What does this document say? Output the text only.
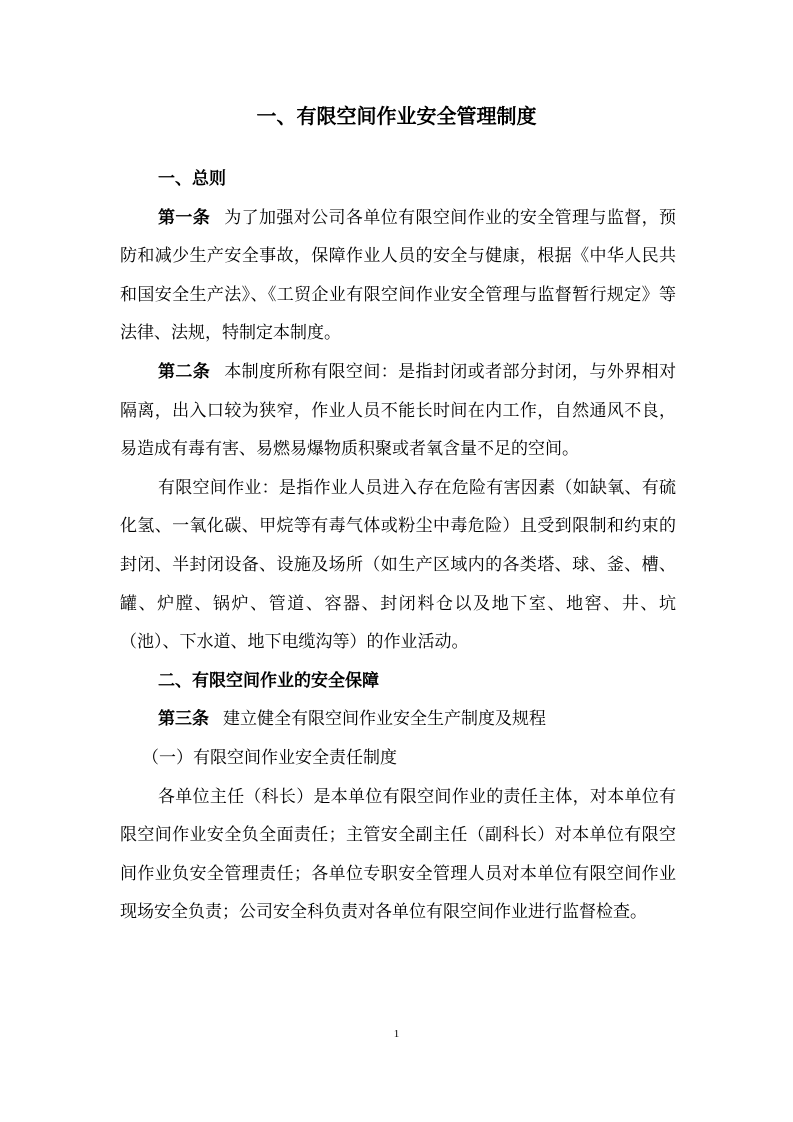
一、有限空间作业安全管理制度

一、总则

第一条 为了加强对公司各单位有限空间作业的安全管理与监督，预防和减少生产安全事故，保障作业人员的安全与健康，根据《中华人民共和国安全生产法》、《工贸企业有限空间作业安全管理与监督暂行规定》等法律、法规，特制定本制度。

第二条 本制度所称有限空间：是指封闭或者部分封闭，与外界相对隔离，出入口较为狭窄，作业人员不能长时间在内工作，自然通风不良，易造成有毒有害、易燃易爆物质积聚或者氧含量不足的空间。

有限空间作业：是指作业人员进入存在危险有害因素（如缺氧、有硫化氢、一氧化碳、甲烷等有毒气体或粉尘中毒危险）且受到限制和约束的封闭、半封闭设备、设施及场所（如生产区域内的各类塔、球、釜、槽、罐、炉膛、锅炉、管道、容器、封闭料仓以及地下室、地窖、井、坑（池）、下水道、地下电缆沟等）的作业活动。

二、有限空间作业的安全保障

第三条 建立健全有限空间作业安全生产制度及规程

（一）有限空间作业安全责任制度

各单位主任（科长）是本单位有限空间作业的责任主体，对本单位有限空间作业安全负全面责任；主管安全副主任（副科长）对本单位有限空间作业负安全管理责任；各单位专职安全管理人员对本单位有限空间作业现场安全负责；公司安全科负责对各单位有限空间作业进行监督检查。

1
